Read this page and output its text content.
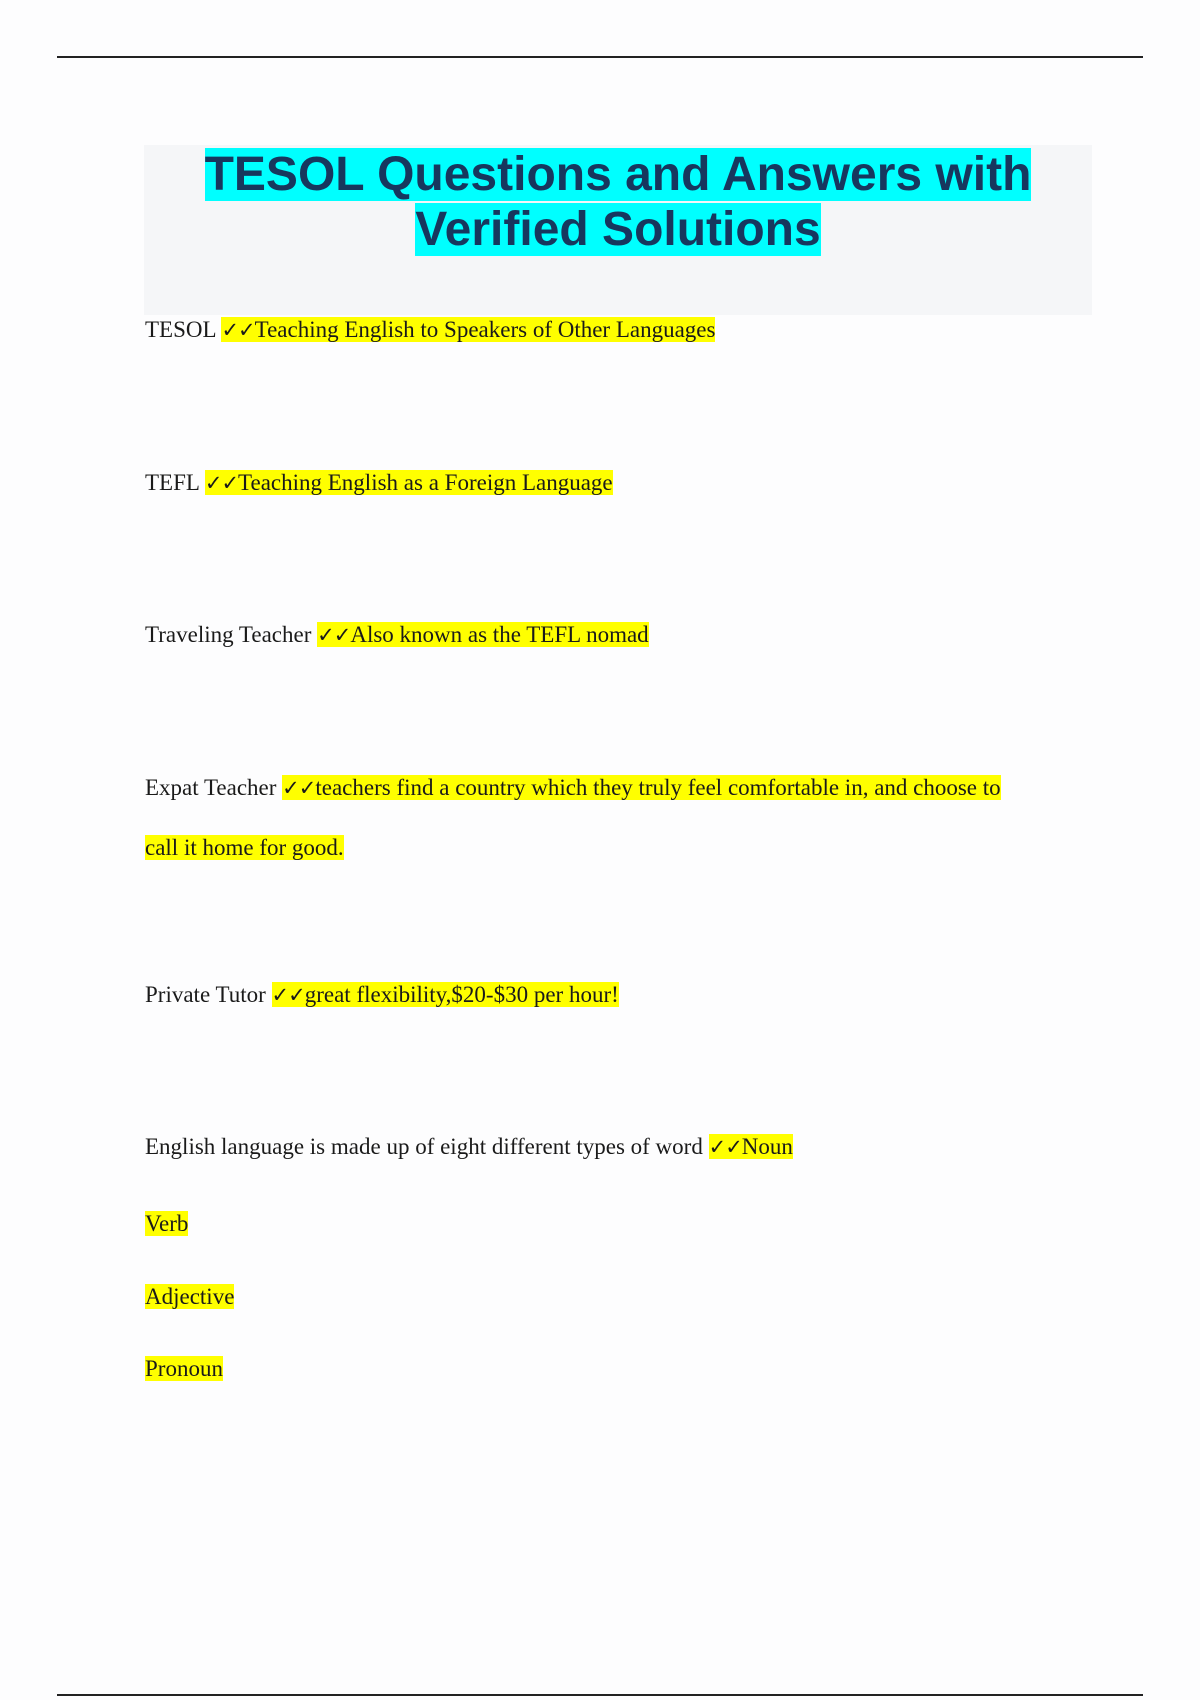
TESOL Questions and Answers with
Verified Solutions
TESOL ✓✓Teaching English to Speakers of Other Languages
TEFL ✓✓Teaching English as a Foreign Language
Traveling Teacher ✓✓Also known as the TEFL nomad
Expat Teacher ✓✓teachers find a country which they truly feel comfortable in, and choose to
call it home for good.
Private Tutor ✓✓great flexibility,$20-$30 per hour!
English language is made up of eight different types of word ✓✓Noun
Verb
Adjective
Pronoun
